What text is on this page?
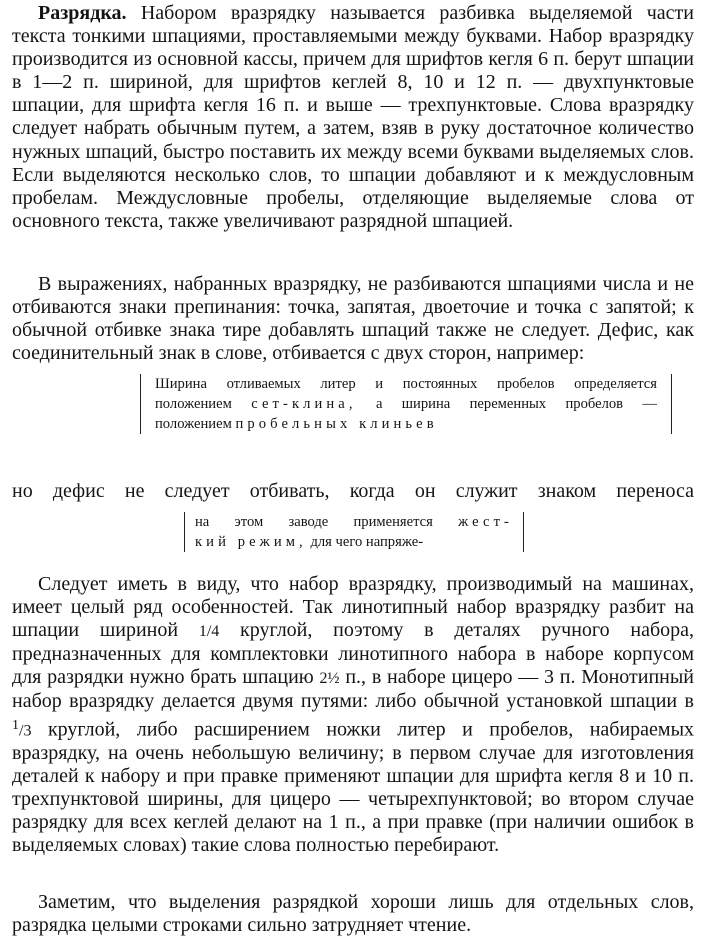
Разрядка. Набором вразрядку называется разбивка выделяемой части текста тонкими шпациями, проставляемыми между буквами. Набор вразрядку производится из основной кассы, причем для шрифтов кегля 6 п. берут шпации в 1—2 п. шириной, для шрифтов кеглей 8, 10 и 12 п. — двухпунктовые шпации, для шрифта кегля 16 п. и выше — трехпунктовые. Слова вразрядку следует набрать обычным путем, а затем, взяв в руку достаточное количество нужных шпаций, быстро поставить их между всеми буквами выделяемых слов. Если выделяются несколько слов, то шпации добавляют и к междусловным пробелам. Междусловные пробелы, отделяющие выделяемые слова от основного текста, также увеличивают разрядной шпацией.

В выражениях, набранных вразрядку, не разбиваются шпациями числа и не отбиваются знаки препинания: точка, запятая, двоеточие и точка с запятой; к обычной отбивке знака тире добавлять шпаций также не следует. Дефис, как соединительный знак в слове, отбивается с двух сторон, например:

Ширина отливаемых литер и постоянных пробелов определяется
положением сет-клина, а ширина переменных пробелов —
положением пробельных клиньев
но дефис не следует отбивать, когда он служит знаком переноса
на этом заводе применяется жест-
кий режим, для чего напряже-

Следует иметь в виду, что набор вразрядку, производимый на машинах, имеет целый ряд особенностей. Так линотипный набор вразрядку разбит на шпации шириной 1/4 круглой, поэтому в деталях ручного набора, предназначенных для комплектовки линотипного набора в наборе корпусом для разрядки нужно брать шпацию 2½ п., в наборе цицеро — 3 п. Монотипный набор вразрядку делается двумя путями: либо обычной установкой шпации в $^1$/3 круглой, либо расширением ножки литер и пробелов, набираемых вразрядку, на очень небольшую величину; в первом случае для изготовления деталей к набору и при правке применяют шпации для шрифта кегля 8 и 10 п. трехпунктовой ширины, для цицеро — четырехпунктовой; во втором случае разрядку для всех кеглей делают на 1 п., а при правке (при наличии ошибок в выделяемых словах) такие слова полностью перебирают.

Заметим, что выделения разрядкой хороши лишь для отдельных слов, разрядка целыми строками сильно затрудняет чтение.
